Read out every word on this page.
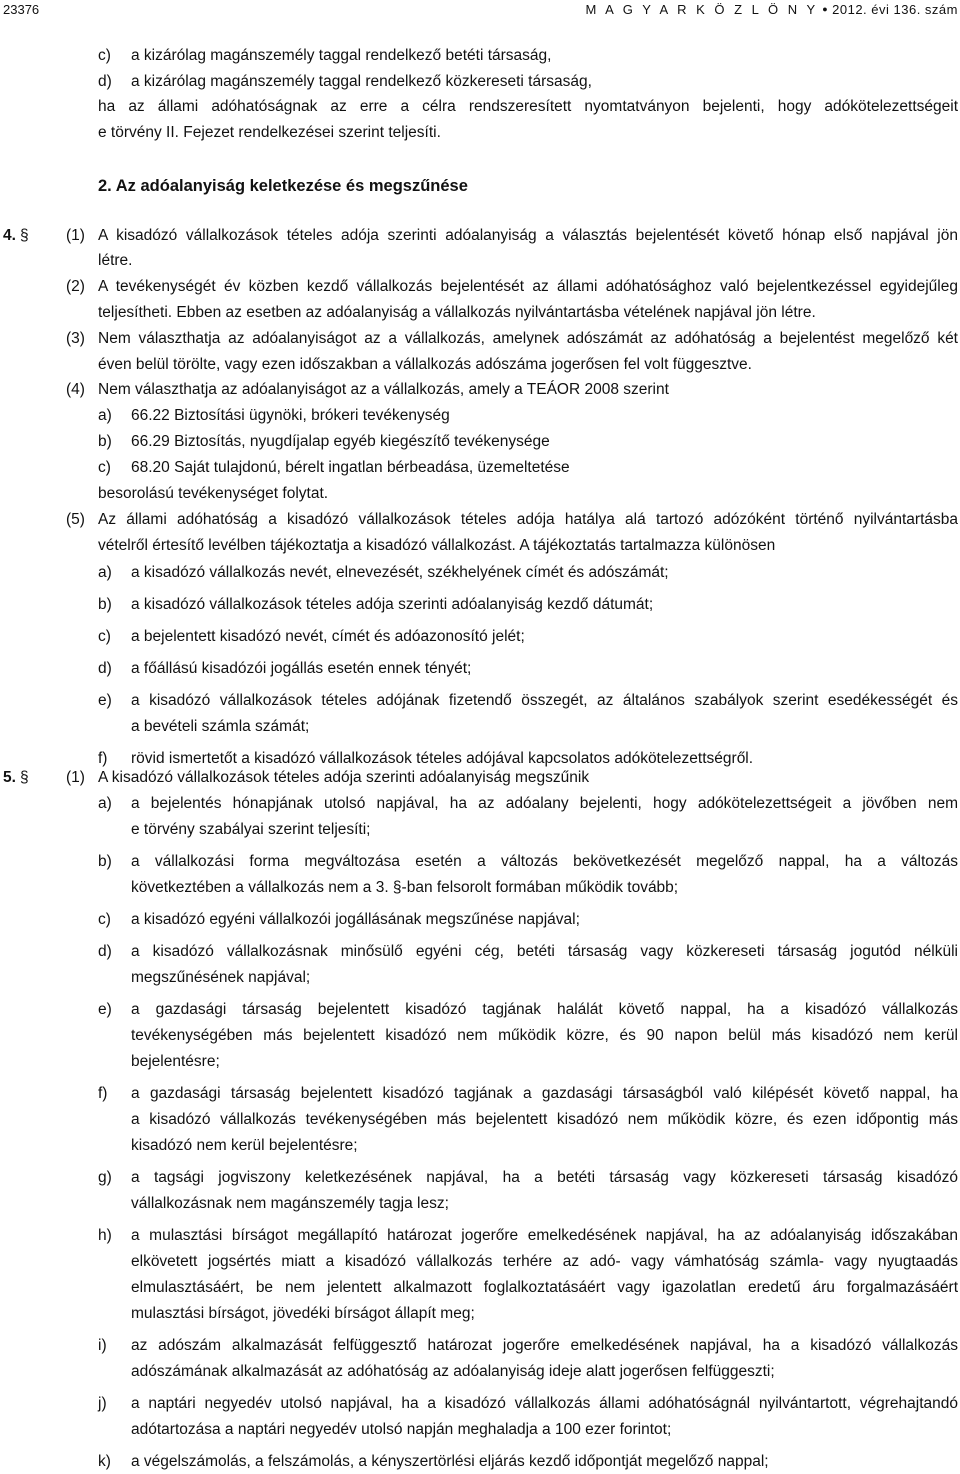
23376	M A G Y A R K Ö Z L Ö N Y ● 2012. évi 136. szám
c) a kizárólag magánszemély taggal rendelkező betéti társaság,
d) a kizárólag magánszemély taggal rendelkező közkereseti társaság,
ha az állami adóhatóságnak az erre a célra rendszeresített nyomtatványon bejelenti, hogy adókötelezettségeit
e törvény II. Fejezet rendelkezései szerint teljesíti.
2. Az adóalanyiság keletkezése és megszűnése
4. § (1) A kisadózó vállalkozások tételes adója szerinti adóalanyiság a választás bejelentését követő hónap első napjával jön
létre.
(2) A tevékenységét év közben kezdő vállalkozás bejelentését az állami adóhatósághoz való bejelentkezéssel egyidejűleg
teljesítheti. Ebben az esetben az adóalanyiság a vállalkozás nyilvántartásba vételének napjával jön létre.
(3) Nem választhatja az adóalanyiságot az a vállalkozás, amelynek adószámát az adóhatóság a bejelentést megelőző két
éven belül törölte, vagy ezen időszakban a vállalkozás adószáma jogerősen fel volt függesztve.
(4) Nem választhatja az adóalanyiságot az a vállalkozás, amely a TEÁOR 2008 szerint
a) 66.22 Biztosítási ügynöki, brókeri tevékenység
b) 66.29 Biztosítás, nyugdíjalap egyéb kiegészítő tevékenysége
c) 68.20 Saját tulajdonú, bérelt ingatlan bérbeadása, üzemeltetése
besorolású tevékenységet folytat.
(5) Az állami adóhatóság a kisadózó vállalkozások tételes adója hatálya alá tartozó adózóként történő nyilvántartásba
vételről értesítő levélben tájékoztatja a kisadózó vállalkozást. A tájékoztatás tartalmazza különösen
a) a kisadózó vállalkozás nevét, elnevezését, székhelyének címét és adószámát;
b) a kisadózó vállalkozások tételes adója szerinti adóalanyiság kezdő dátumát;
c) a bejelentett kisadózó nevét, címét és adóazonosító jelét;
d) a főállású kisadózói jogállás esetén ennek tényét;
e) a kisadózó vállalkozások tételes adójának fizetendő összegét, az általános szabályok szerint esedékességét és
a bevételi számla számát;
f) rövid ismertetőt a kisadózó vállalkozások tételes adójával kapcsolatos adókötelezettségről.
5. § (1) A kisadózó vállalkozások tételes adója szerinti adóalanyiság megszűnik
a) a bejelentés hónapjának utolsó napjával, ha az adóalany bejelenti, hogy adókötelezettségeit a jövőben nem
e törvény szabályai szerint teljesíti;
b) a vállalkozási forma megváltozása esetén a változás bekövetkezését megelőző nappal, ha a változás
következtében a vállalkozás nem a 3. §-ban felsorolt formában működik tovább;
c) a kisadózó egyéni vállalkozói jogállásának megszűnése napjával;
d) a kisadózó vállalkozásnak minősülő egyéni cég, betéti társaság vagy közkereseti társaság jogutód nélküli
megszűnésének napjával;
e) a gazdasági társaság bejelentett kisadózó tagjának halálát követő nappal, ha a kisadózó vállalkozás
tevékenységében más bejelentett kisadózó nem működik közre, és 90 napon belül más kisadózó nem kerül
bejelentésre;
f) a gazdasági társaság bejelentett kisadózó tagjának a gazdasági társaságból való kilépését követő nappal, ha
a kisadózó vállalkozás tevékenységében más bejelentett kisadózó nem működik közre, és ezen időpontig más
kisadózó nem kerül bejelentésre;
g) a tagsági jogviszony keletkezésének napjával, ha a betéti társaság vagy közkereseti társaság kisadózó
vállalkozásnak nem magánszemély tagja lesz;
h) a mulasztási bírságot megállapító határozat jogerőre emelkedésének napjával, ha az adóalanyiság időszakában
elkövetett jogsértés miatt a kisadózó vállalkozás terhére az adó- vagy vámhatóság számla- vagy nyugtaadás
elmulasztásáért, be nem jelentett alkalmazott foglalkoztatásáért vagy igazolatlan eredetű áru forgalmazásáért
mulasztási bírságot, jövedéki bírságot állapít meg;
i) az adószám alkalmazását felfüggesztő határozat jogerőre emelkedésének napjával, ha a kisadózó vállalkozás
adószámának alkalmazását az adóhatóság az adóalanyiság ideje alatt jogerősen felfüggeszti;
j) a naptári negyedév utolsó napjával, ha a kisadózó vállalkozás állami adóhatóságnál nyilvántartott, végrehajtandó
adótartozása a naptári negyedév utolsó napján meghaladja a 100 ezer forintot;
k) a végelszámolás, a felszámolás, a kényszertörlési eljárás kezdő időpontját megelőző nappal;
